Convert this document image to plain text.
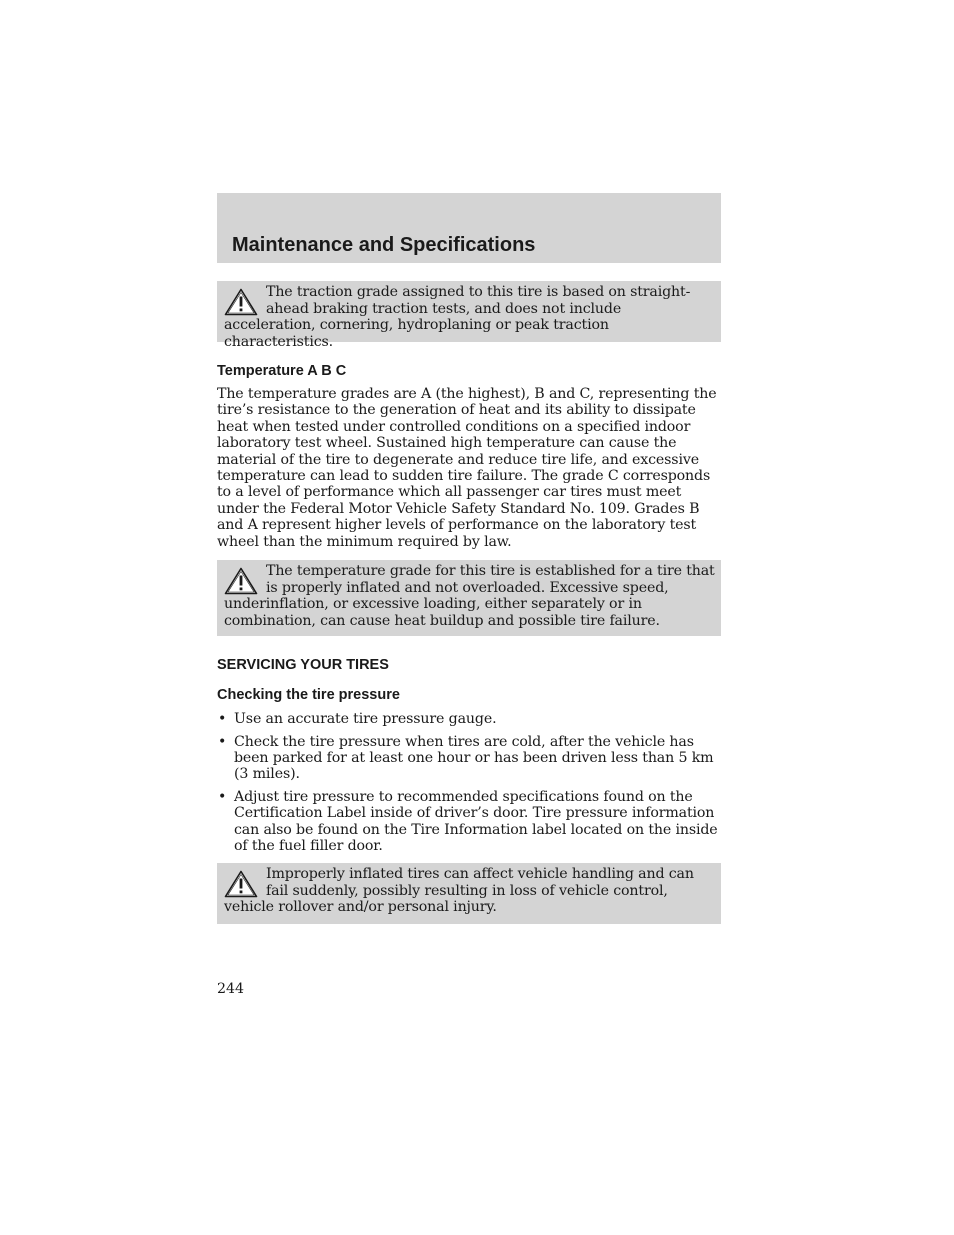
Maintenance and Specifications

The traction grade assigned to this tire is based on straight-ahead braking traction tests, and does not include acceleration, cornering, hydroplaning or peak traction characteristics.

Temperature A B C

The temperature grades are A (the highest), B and C, representing the tire’s resistance to the generation of heat and its ability to dissipate heat when tested under controlled conditions on a specified indoor laboratory test wheel. Sustained high temperature can cause the material of the tire to degenerate and reduce tire life, and excessive temperature can lead to sudden tire failure. The grade C corresponds to a level of performance which all passenger car tires must meet under the Federal Motor Vehicle Safety Standard No. 109. Grades B and A represent higher levels of performance on the laboratory test wheel than the minimum required by law.

The temperature grade for this tire is established for a tire that is properly inflated and not overloaded. Excessive speed, underinflation, or excessive loading, either separately or in combination, can cause heat buildup and possible tire failure.

SERVICING YOUR TIRES
Checking the tire pressure
• Use an accurate tire pressure gauge.
• Check the tire pressure when tires are cold, after the vehicle has been parked for at least one hour or has been driven less than 5 km (3 miles).
• Adjust tire pressure to recommended specifications found on the Certification Label inside of driver’s door. Tire pressure information can also be found on the Tire Information label located on the inside of the fuel filler door.

Improperly inflated tires can affect vehicle handling and can fail suddenly, possibly resulting in loss of vehicle control, vehicle rollover and/or personal injury.

244
